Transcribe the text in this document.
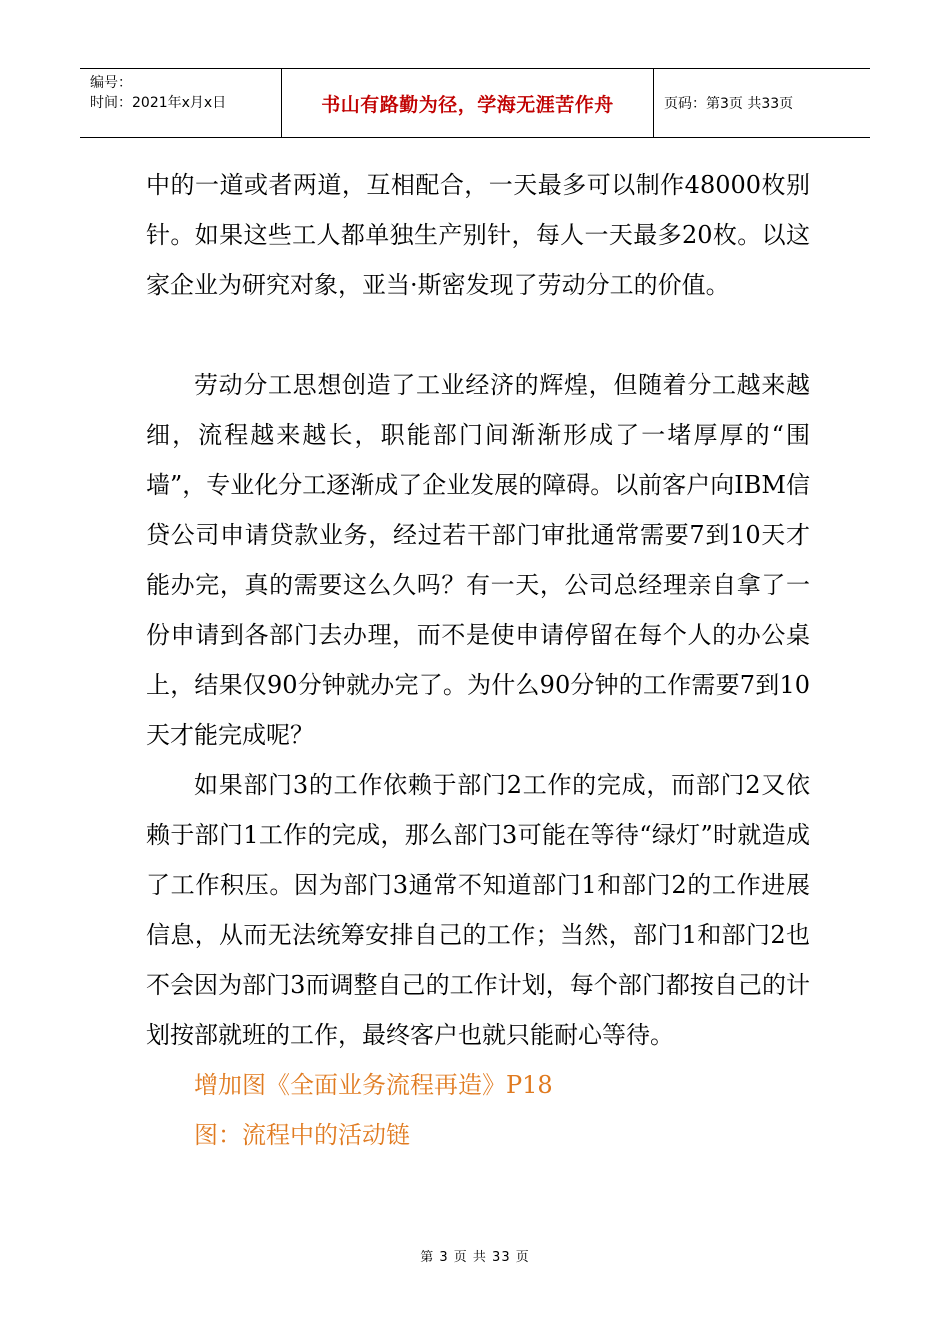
编号：
时间：2021年x月x日	书山有路勤为径，学海无涯苦作舟	页码：第3页 共33页

中的一道或者两道，互相配合，一天最多可以制作48000枚别针。如果这些工人都单独生产别针，每人一天最多20枚。以这家企业为研究对象，亚当·斯密发现了劳动分工的价值。

劳动分工思想创造了工业经济的辉煌，但随着分工越来越细，流程越来越长，职能部门间渐渐形成了一堵厚厚的“围墙”，专业化分工逐渐成了企业发展的障碍。以前客户向IBM信贷公司申请贷款业务，经过若干部门审批通常需要7到10天才能办完，真的需要这么久吗？有一天，公司总经理亲自拿了一份申请到各部门去办理，而不是使申请停留在每个人的办公桌上，结果仅90分钟就办完了。为什么90分钟的工作需要7到10天才能完成呢？

如果部门3的工作依赖于部门2工作的完成，而部门2又依赖于部门1工作的完成，那么部门3可能在等待“绿灯”时就造成了工作积压。因为部门3通常不知道部门1和部门2的工作进展信息，从而无法统筹安排自己的工作；当然，部门1和部门2也不会因为部门3而调整自己的工作计划，每个部门都按自己的计划按部就班的工作，最终客户也就只能耐心等待。

增加图《全面业务流程再造》P18

图：流程中的活动链

第 3 页 共 33 页
